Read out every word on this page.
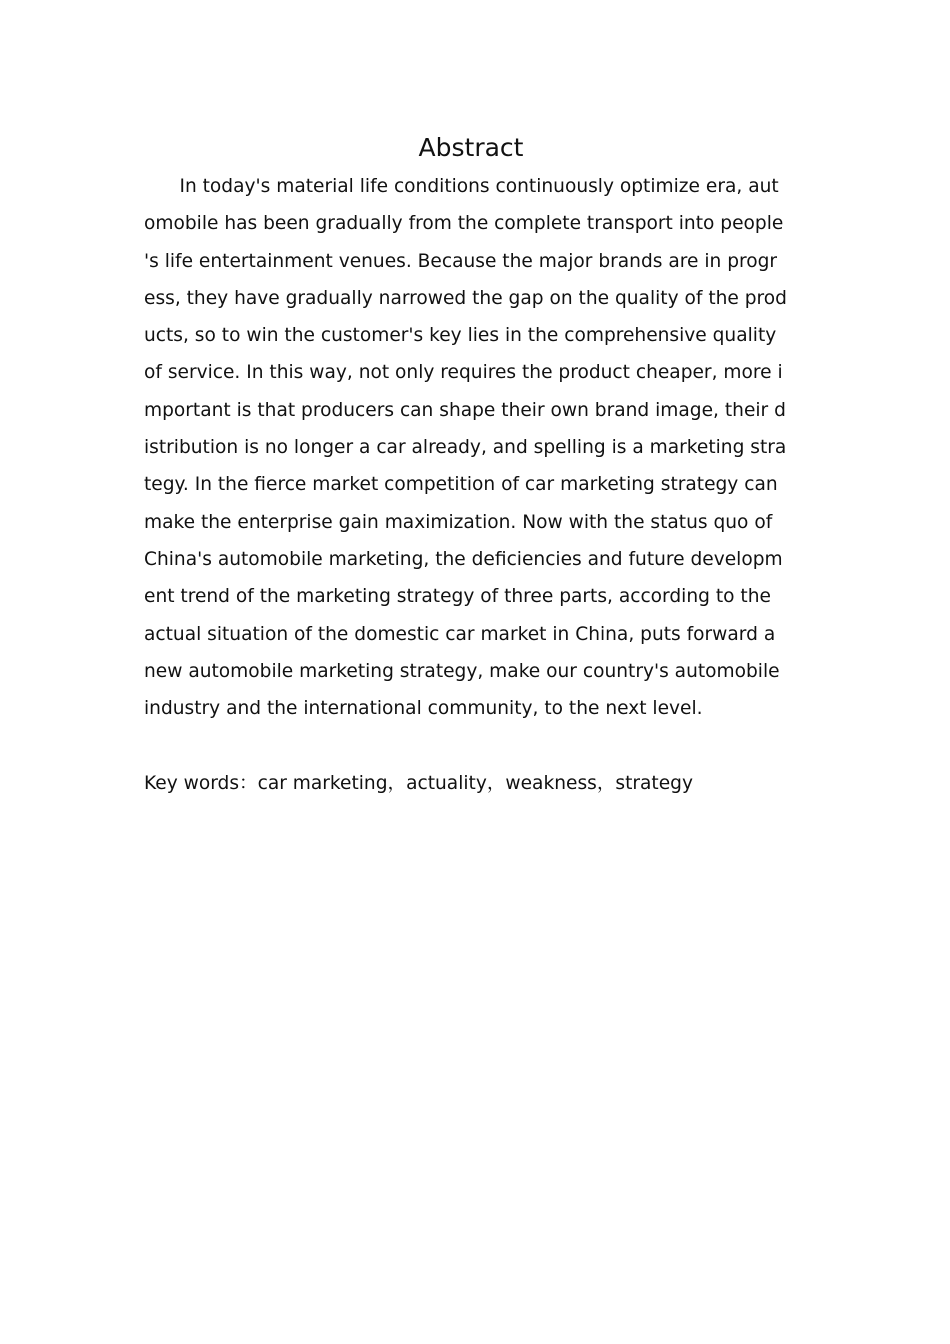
Abstract
In today's material life conditions continuously optimize era, aut
omobile has been gradually from the complete transport into people
's life entertainment venues. Because the major brands are in progr
ess, they have gradually narrowed the gap on the quality of the prod
ucts, so to win the customer's key lies in the comprehensive quality
of service. In this way, not only requires the product cheaper, more i
mportant is that producers can shape their own brand image, their d
istribution is no longer a car already, and spelling is a marketing stra
tegy. In the fierce market competition of car marketing strategy can
make the enterprise gain maximization. Now with the status quo of
China's automobile marketing, the deficiencies and future developm
ent trend of the marketing strategy of three parts, according to the
actual situation of the domestic car market in China, puts forward a
new automobile marketing strategy, make our country's automobile
industry and the international community, to the next level.
Key words：car marketing，actuality，weakness，strategy
